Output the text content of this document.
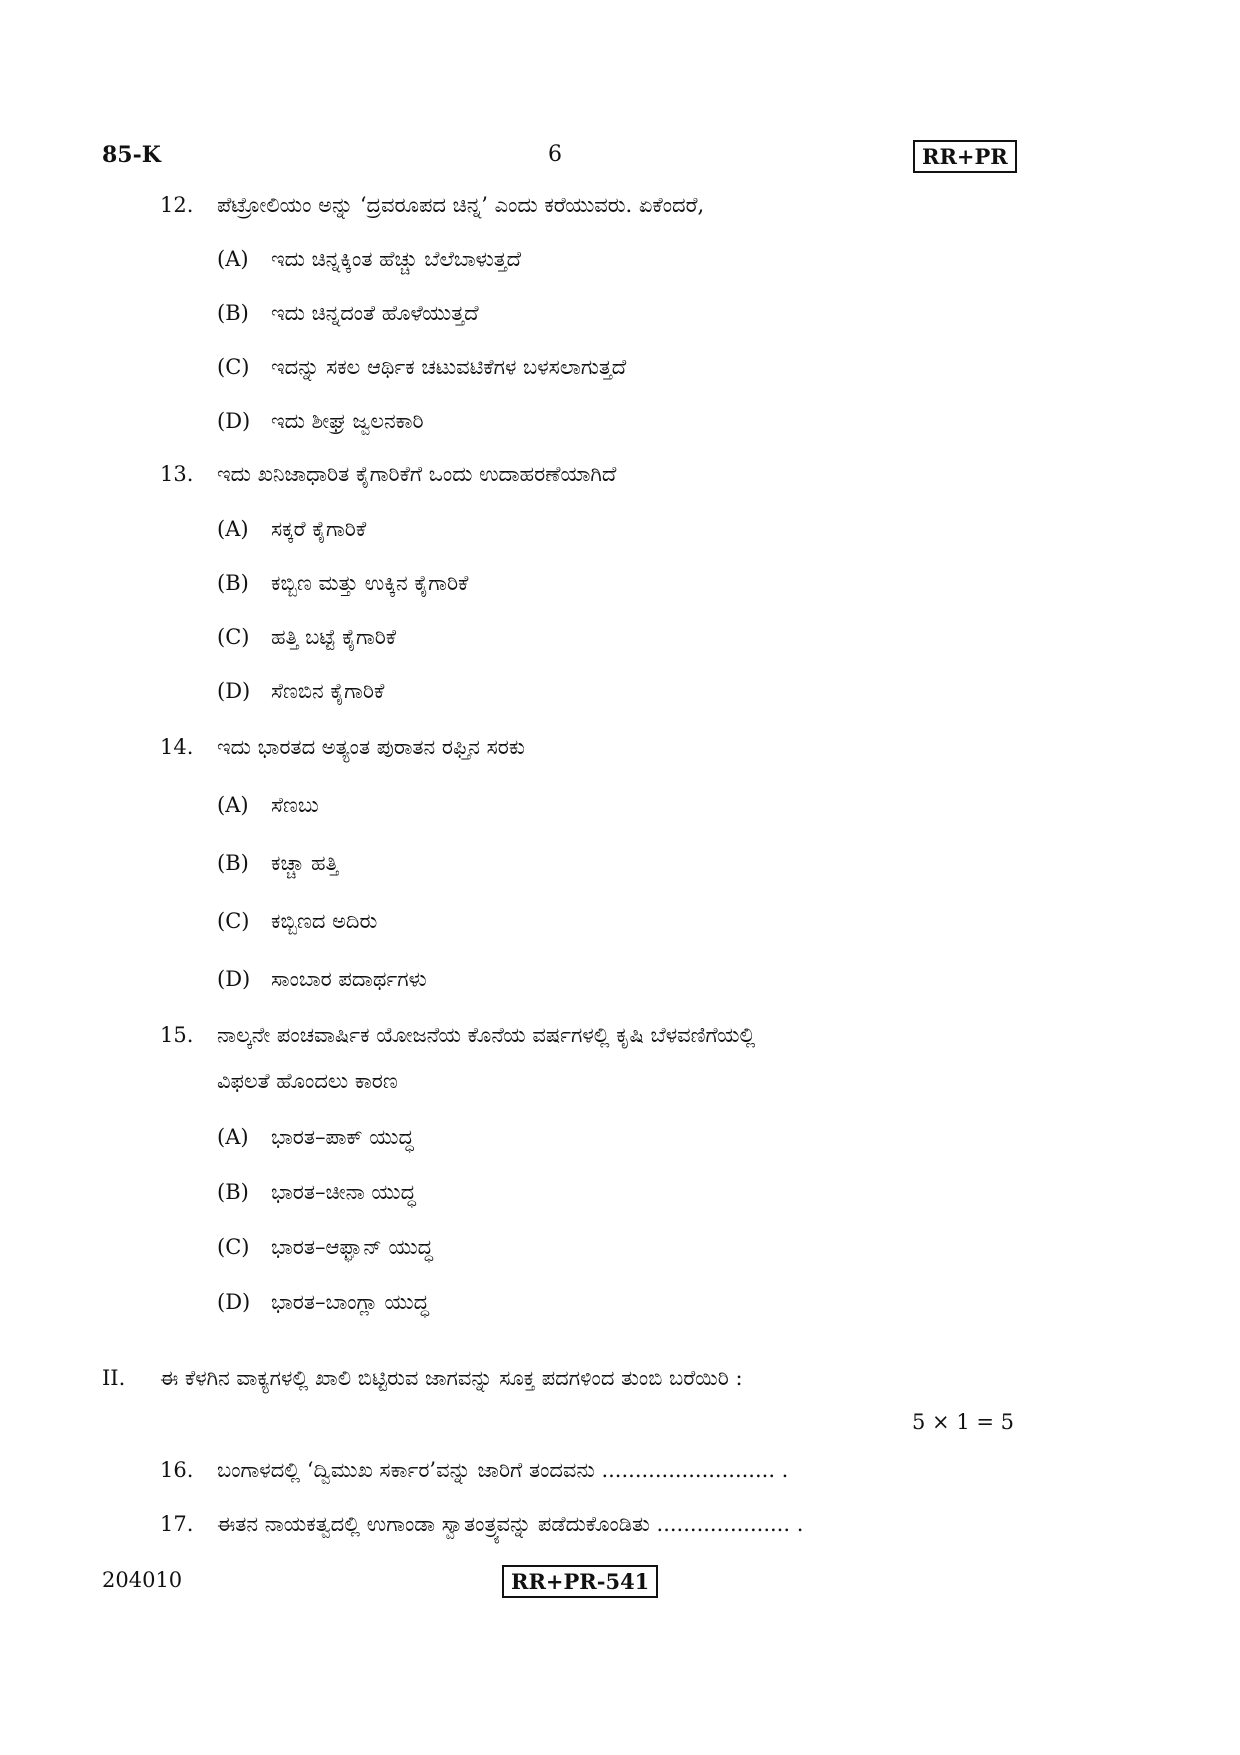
85-K	6	RR+PR
12. ಪೆಟ್ರೋಲಿಯಂ ಅನ್ನು ‘ದ್ರವರೂಪದ ಚಿನ್ನ’ ಎಂದು ಕರೆಯುವರು. ಏಕೆಂದರೆ,
(A) ಇದು ಚಿನ್ನಕ್ಕಿಂತ ಹೆಚ್ಚು ಬೆಲೆಬಾಳುತ್ತದೆ
(B) ಇದು ಚಿನ್ನದಂತೆ ಹೊಳೆಯುತ್ತದೆ
(C) ಇದನ್ನು ಸಕಲ ಆರ್ಥಿಕ ಚಟುವಟಿಕೆಗಳ ಬಳಸಲಾಗುತ್ತದೆ
(D) ಇದು ಶೀಘ್ರ ಜ್ವಲನಕಾರಿ
13. ಇದು ಖನಿಜಾಧಾರಿತ ಕೈಗಾರಿಕೆಗೆ ಒಂದು ಉದಾಹರಣೆಯಾಗಿದೆ
(A) ಸಕ್ಕರೆ ಕೈಗಾರಿಕೆ
(B) ಕಬ್ಬಿಣ ಮತ್ತು ಉಕ್ಕಿನ ಕೈಗಾರಿಕೆ
(C) ಹತ್ತಿ ಬಟ್ಟೆ ಕೈಗಾರಿಕೆ
(D) ಸೆಣಬಿನ ಕೈಗಾರಿಕೆ
14. ಇದು ಭಾರತದ ಅತ್ಯಂತ ಪುರಾತನ ರಫ್ತಿನ ಸರಕು
(A) ಸೆಣಬು
(B) ಕಚ್ಚಾ ಹತ್ತಿ
(C) ಕಬ್ಬಿಣದ ಅದಿರು
(D) ಸಾಂಬಾರ ಪದಾರ್ಥಗಳು
15. ನಾಲ್ಕನೇ ಪಂಚವಾರ್ಷಿಕ ಯೋಜನೆಯ ಕೊನೆಯ ವರ್ಷಗಳಲ್ಲಿ ಕೃಷಿ ಬೆಳವಣಿಗೆಯಲ್ಲಿ
ವಿಫಲತೆ ಹೊಂದಲು ಕಾರಣ
(A) ಭಾರತ–ಪಾಕ್ ಯುದ್ಧ
(B) ಭಾರತ–ಚೀನಾ ಯುದ್ಧ
(C) ಭಾರತ–ಆಫ್ಘಾನ್ ಯುದ್ಧ
(D) ಭಾರತ–ಬಾಂಗ್ಲಾ ಯುದ್ಧ
II. ಈ ಕೆಳಗಿನ ವಾಕ್ಯಗಳಲ್ಲಿ ಖಾಲಿ ಬಿಟ್ಟಿರುವ ಜಾಗವನ್ನು ಸೂಕ್ತ ಪದಗಳಿಂದ ತುಂಬಿ ಬರೆಯಿರಿ :
5 × 1 = 5
16. ಬಂಗಾಳದಲ್ಲಿ ‘ದ್ವಿಮುಖ ಸರ್ಕಾರ’ವನ್ನು ಜಾರಿಗೆ ತಂದವನು .......................... .
17. ಈತನ ನಾಯಕತ್ವದಲ್ಲಿ ಉಗಾಂಡಾ ಸ್ವಾತಂತ್ರ್ಯವನ್ನು ಪಡೆದುಕೊಂಡಿತು .................... .
204010	RR+PR-541
